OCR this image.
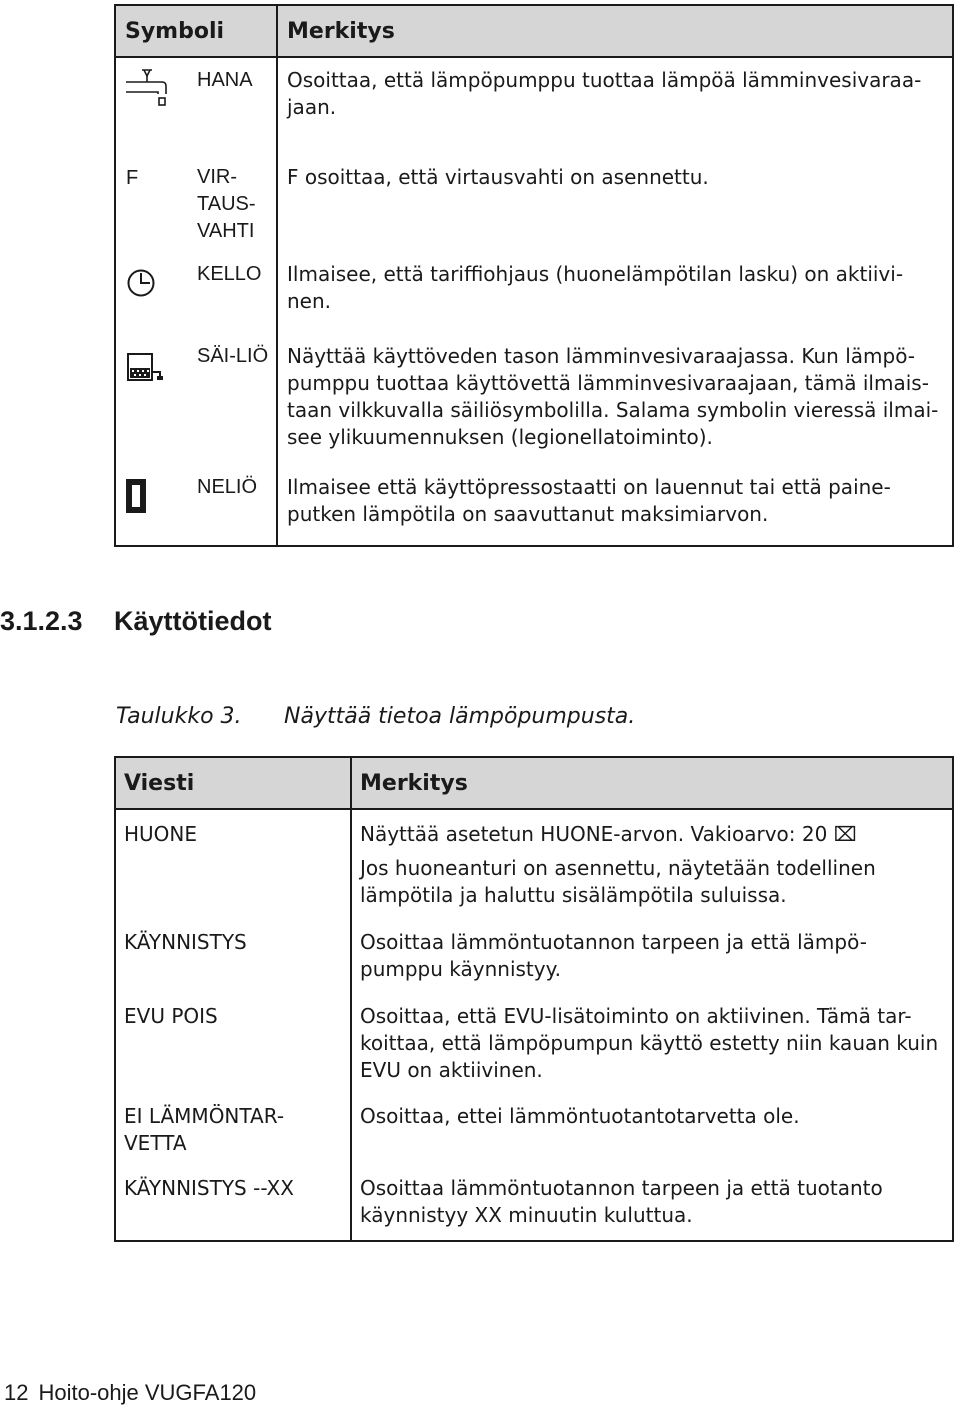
Symboli		Merkitys
	HANA	Osoittaa, että lämpöpumppu tuottaa lämpöä lämminvesivaraa-jaan.
F	VIR-TAUS-VAHTI	F osoittaa, että virtausvahti on asennettu.
	KELLO	Ilmaisee, että tariffiohjaus (huonelämpötilan lasku) on aktiivi-nen.
	SÄI-LIÖ	Näyttää käyttöveden tason lämminvesivaraajassa. Kun lämpö-pumppu tuottaa käyttövettä lämminvesivaraajaan, tämä ilmais-taan vilkkuvalla säiliösymbolilla. Salama symbolin vieressä ilmai-see ylikuumennuksen (legionellatoiminto).
	NELIÖ	Ilmaisee että käyttöpressostaatti on lauennut tai että paine-putken lämpötila on saavuttanut maksimiarvon.
3.1.2.3 Käyttötiedot
Taulukko 3. Näyttää tietoa lämpöpumpusta.
Viesti	Merkitys
HUONE	Näyttää asetetun HUONE-arvon. Vakioarvo: 20 ⌧
	Jos huoneanturi on asennettu, näytetään todellinen lämpötila ja haluttu sisälämpötila suluissa.
KÄYNNISTYS	Osoittaa lämmöntuotannon tarpeen ja että lämpö-pumppu käynnistyy.
EVU POIS	Osoittaa, että EVU-lisätoiminto on aktiivinen. Tämä tar-koittaa, että lämpöpumpun käyttö estetty niin kauan kuin EVU on aktiivinen.
EI LÄMMÖNTAR-VETTA	Osoittaa, ettei lämmöntuotantotarvetta ole.
KÄYNNISTYS --XX	Osoittaa lämmöntuotannon tarpeen ja että tuotanto käynnistyy XX minuutin kuluttua.
12 Hoito-ohje VUGFA120
